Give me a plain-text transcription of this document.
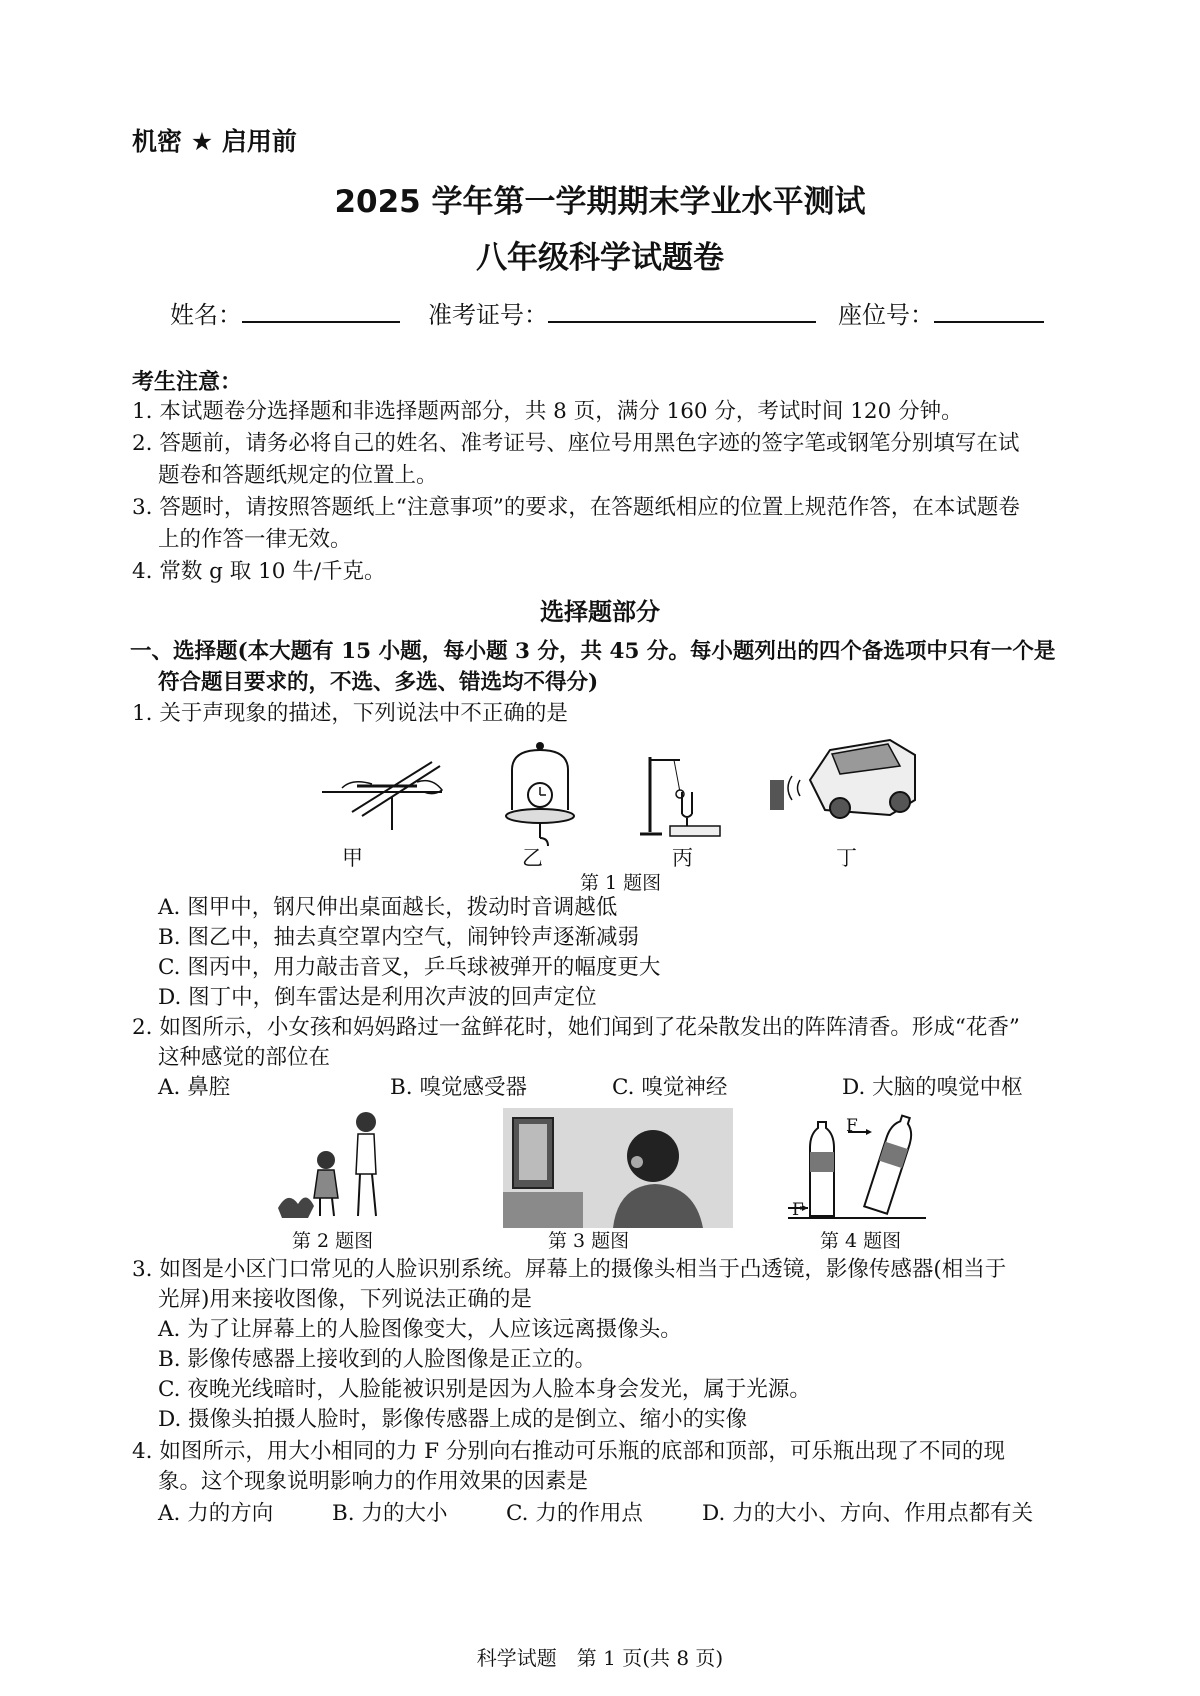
机密 ★ 启用前
2025 学年第一学期期末学业水平测试
八年级科学试题卷
姓名：	准考证号：	座位号：
考生注意：
1. 本试题卷分选择题和非选择题两部分，共 8 页，满分 160 分，考试时间 120 分钟。
2. 答题前，请务必将自己的姓名、准考证号、座位号用黑色字迹的签字笔或钢笔分别填写在试
题卷和答题纸规定的位置上。
3. 答题时，请按照答题纸上“注意事项”的要求，在答题纸相应的位置上规范作答，在本试题卷
上的作答一律无效。
4. 常数 g 取 10 牛/千克。
选择题部分
一、选择题(本大题有 15 小题，每小题 3 分，共 45 分。每小题列出的四个备选项中只有一个是
符合题目要求的，不选、多选、错选均不得分)
1. 关于声现象的描述，下列说法中不正确的是
甲	乙	丙	丁
第 1 题图
A. 图甲中，钢尺伸出桌面越长，拨动时音调越低
B. 图乙中，抽去真空罩内空气，闹钟铃声逐渐减弱
C. 图丙中，用力敲击音叉，乒乓球被弹开的幅度更大
D. 图丁中，倒车雷达是利用次声波的回声定位
2. 如图所示，小女孩和妈妈路过一盆鲜花时，她们闻到了花朵散发出的阵阵清香。形成“花香”
这种感觉的部位在
A. 鼻腔	B. 嗅觉感受器	C. 嗅觉神经	D. 大脑的嗅觉中枢
F
F
第 2 题图	第 3 题图	第 4 题图
3. 如图是小区门口常见的人脸识别系统。屏幕上的摄像头相当于凸透镜，影像传感器(相当于
光屏)用来接收图像，下列说法正确的是
A. 为了让屏幕上的人脸图像变大，人应该远离摄像头。
B. 影像传感器上接收到的人脸图像是正立的。
C. 夜晚光线暗时，人脸能被识别是因为人脸本身会发光，属于光源。
D. 摄像头拍摄人脸时，影像传感器上成的是倒立、缩小的实像
4. 如图所示，用大小相同的力 F 分别向右推动可乐瓶的底部和顶部，可乐瓶出现了不同的现
象。这个现象说明影响力的作用效果的因素是
A. 力的方向	B. 力的大小	C. 力的作用点	D. 力的大小、方向、作用点都有关
科学试题　第 1 页(共 8 页)
